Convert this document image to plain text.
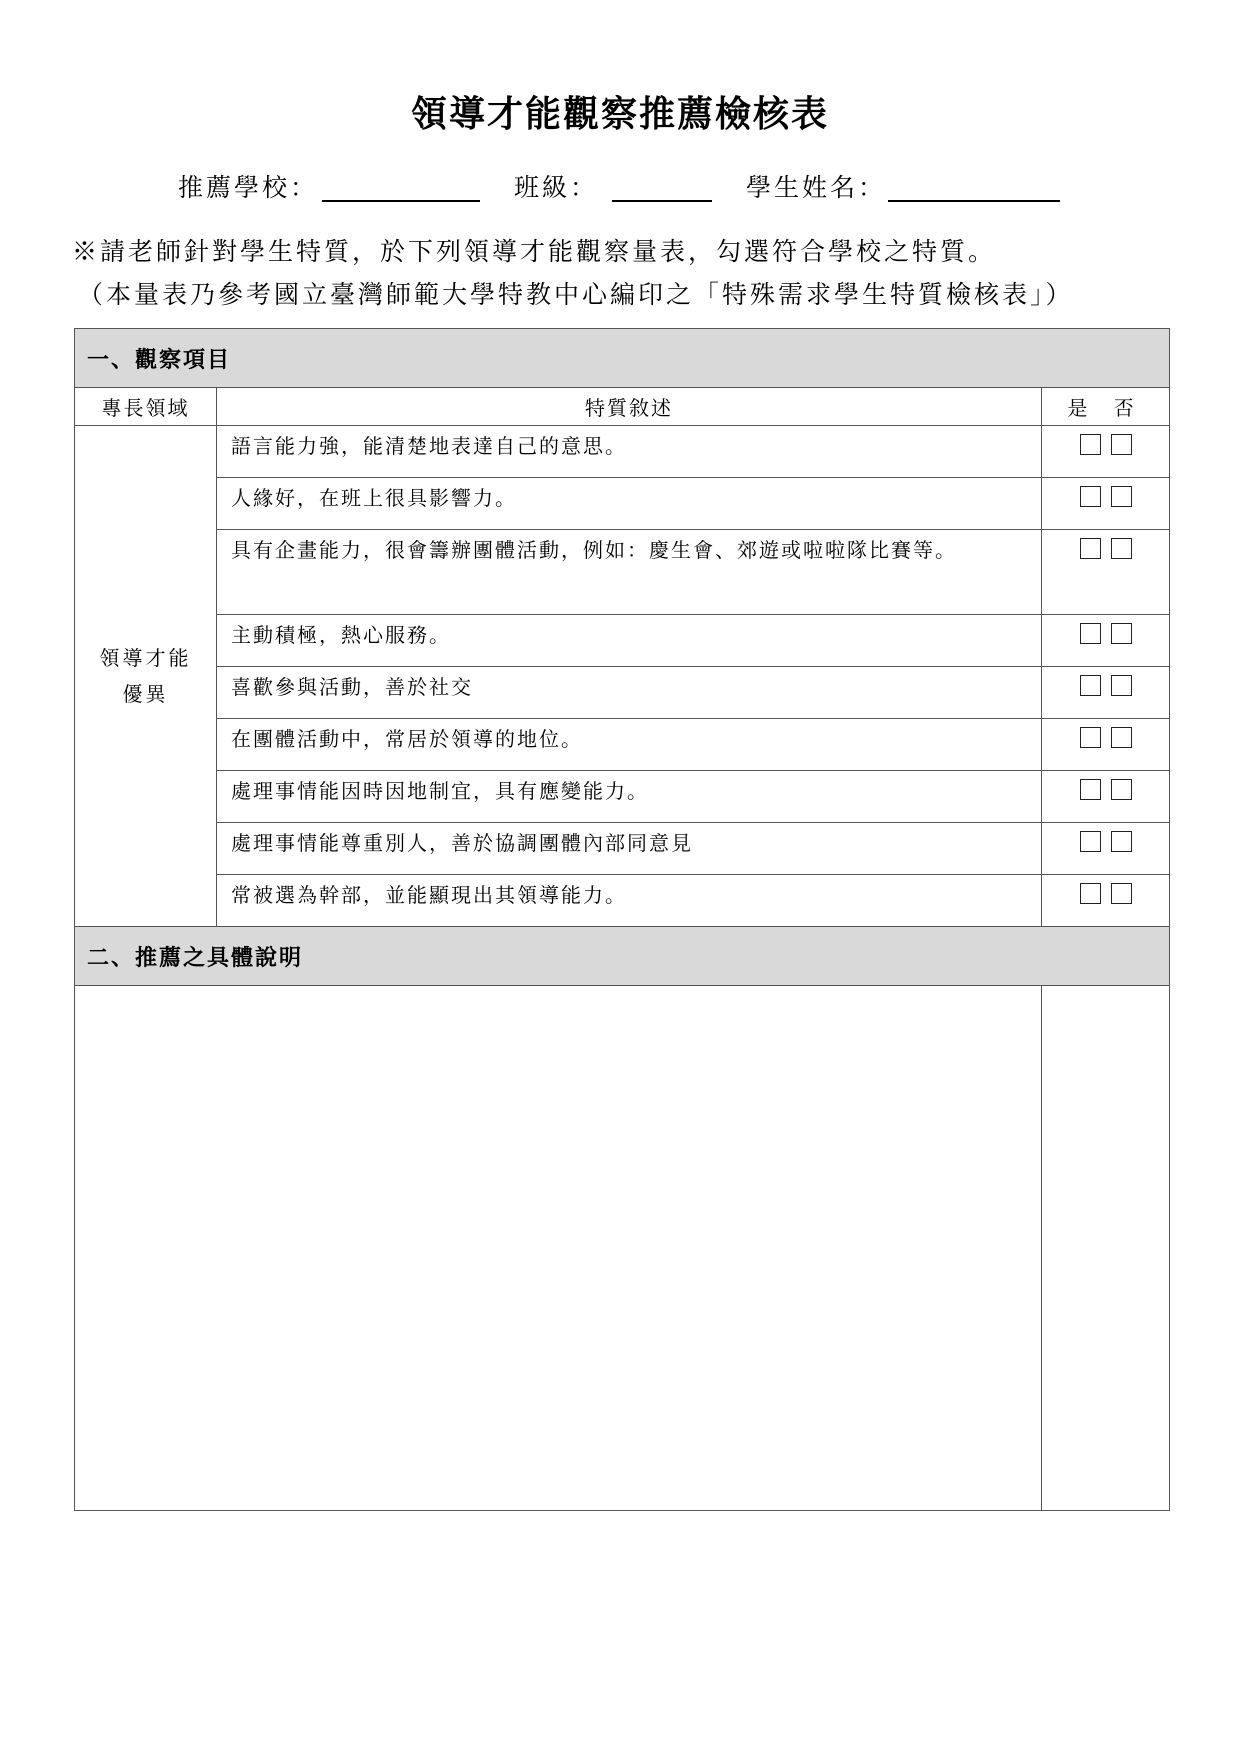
領導才能觀察推薦檢核表
推薦學校：	班級：	學生姓名：

※請老師針對學生特質，於下列領導才能觀察量表，勾選符合學校之特質。

（本量表乃參考國立臺灣師範大學特教中心編印之「特殊需求學生特質檢核表」）

一、觀察項目		
專長領域	特質敘述	是 否
領導才能
優異	語言能力強，能清楚地表達自己的意思。	
	人緣好，在班上很具影響力。	
	具有企畫能力，很會籌辦團體活動，例如：慶生會、郊遊或啦啦隊比賽等。	
	主動積極，熱心服務。	
	喜歡參與活動，善於社交	
	在團體活動中，常居於領導的地位。	
	處理事情能因時因地制宜，具有應變能力。	
	處理事情能尊重別人，善於協調團體內部同意見	
	常被選為幹部，並能顯現出其領導能力。	
二、推薦之具體說明		
